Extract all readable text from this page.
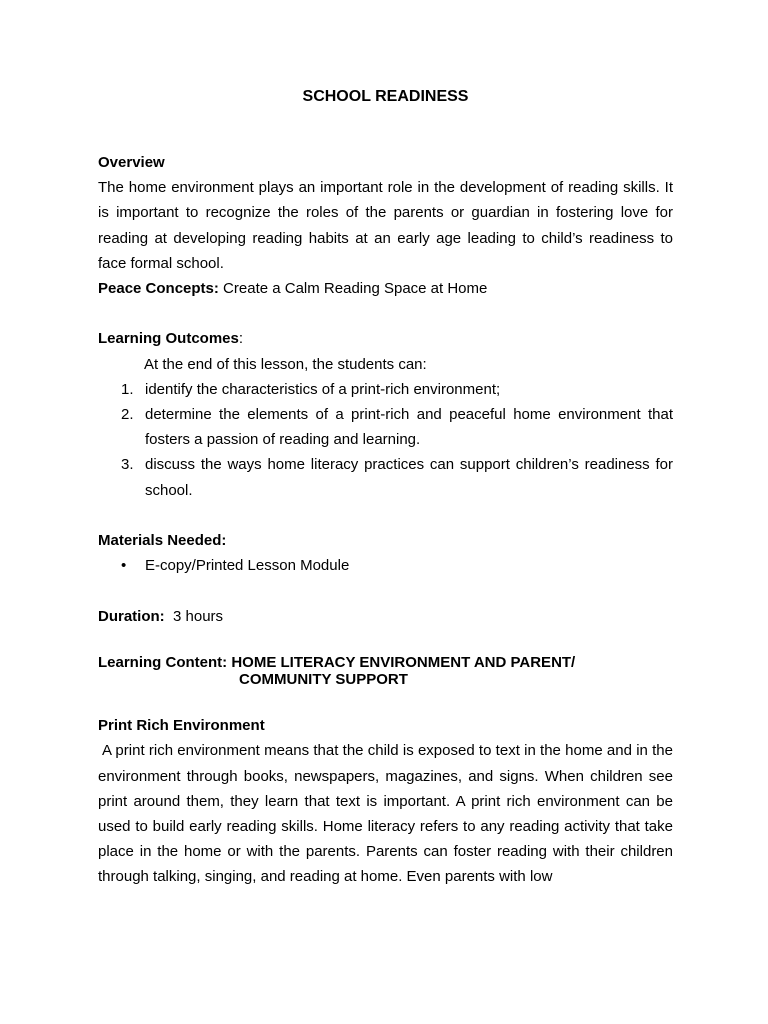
SCHOOL READINESS

Overview

The home environment plays an important role in the development of reading skills. It is important to recognize the roles of the parents or guardian in fostering love for reading at developing reading habits at an early age leading to child’s readiness to face formal school.

Peace Concepts: Create a Calm Reading Space at Home

Learning Outcomes:

At the end of this lesson, the students can:

1. identify the characteristics of a print-rich environment;
2. determine the elements of a print-rich and peaceful home environment that fosters a passion of reading and learning.
3. discuss the ways home literacy practices can support children’s readiness for school.

Materials Needed:

• E-copy/Printed Lesson Module

Duration:  3 hours

Learning Content: HOME LITERACY ENVIRONMENT AND PARENT/
COMMUNITY SUPPORT

Print Rich Environment

A print rich environment means that the child is exposed to text in the home and in the environment through books, newspapers, magazines, and signs. When children see print around them, they learn that text is important. A print rich environment can be used to build early reading skills. Home literacy refers to any reading activity that take place in the home or with the parents. Parents can foster reading with their children through talking, singing, and reading at home. Even parents with low
